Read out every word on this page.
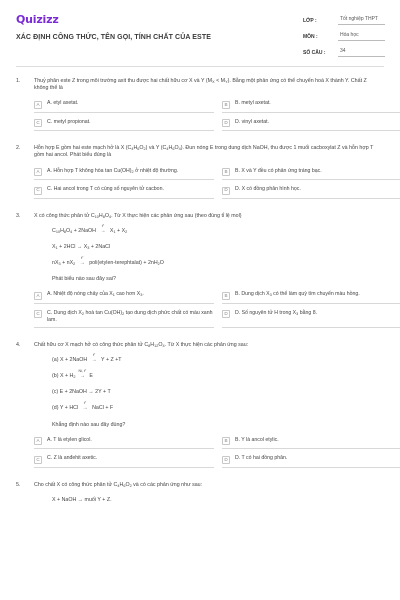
Quizizz
XÁC ĐỊNH CÔNG THỨC, TÊN GỌI, TÍNH CHẤT CỦA ESTE
LỚP :	Tốt nghiệp THPT
MÔN :	Hóa học
SỐ CÂU :	34
1.	Thuỷ phân este Z trong môi trường axit thu được hai chất hữu cơ X và Y $(M_X < M_Y)$. Bằng một phản ứng có thể chuyển hoá X thành Y. Chất Z không thể là
A	A. etyl axetat.	B	B. metyl axetat.
C	C. metyl propionat.	D	D. vinyl axetat.
2.	Hỗn hợp E gồm hai este mạch hở là X $(C_4H_6O_2)$ và Y $(C_4H_6O_4)$. Đun nóng E trong dung dịch NaOH, thu được 1 muối cacboxylat Z và hỗn hợp T gồm hai ancol. Phát biểu đúng là
A	A. Hỗn hợp T không hòa $\tan Cu(OH)_2$ ở nhiệt độ thường.	B	B. X và Y đều có phản ứng tráng bạc.
C	C. Hai ancol trong T có cùng số nguyên tử cacbon.	D	D. X có đồng phân hình học.
3.	X có công thức phân tử $C_{10}H_8O_4$. Từ X thực hiện các phản ứng sau (theo đúng tỉ lệ mol)
$C_{10}H_8O_4$ + 2NaOH
t°
→ $X_1 + X_2$
$X_1 + 2HCl \to X_3$ + 2NaCl
$nX_3 + nX_2$
t°
→ poli(etylen-terephtalat) + $2nH_2O$
Phát biểu nào sau đây sai?
A	A. Nhiệt độ nóng chảy của $X_1$ cao hơn $X_3$.	B	B. Dung dịch $X_3$ có thể làm quỳ tím chuyển màu hồng.
C	C. Dung dịch $X_2$ hoà $\tan Cu(OH)_2$ tạo dung dịch phức chất có màu xanh lam.
D	D. Số nguyên tử H trong $X_3$ bằng 8.
4.	Chất hữu cơ X mạch hở có công thức phân tử $C_8H_{12}O_4$. Từ X thực hiện các phản ứng sau:
(a) X + 2NaOH
t°
→ Y + Z +T
(b) $X + H_2$
Ni, t°
→ E
(c) E + 2NaOH → 2Y + T
(d) Y + HCl
t°
→ NaCl + F
Khẳng định nào sau đây đúng?
A	A. T là etylen glicol.	B	B. Y là ancol etylic.
C	C. Z là anđehit axetic.	D	D. T có hai đồng phân.
5.	Cho chất X có công thức phân tử $C_4H_6O_2$ và có các phản ứng như sau:
X + NaOH → muối Y + Z.
